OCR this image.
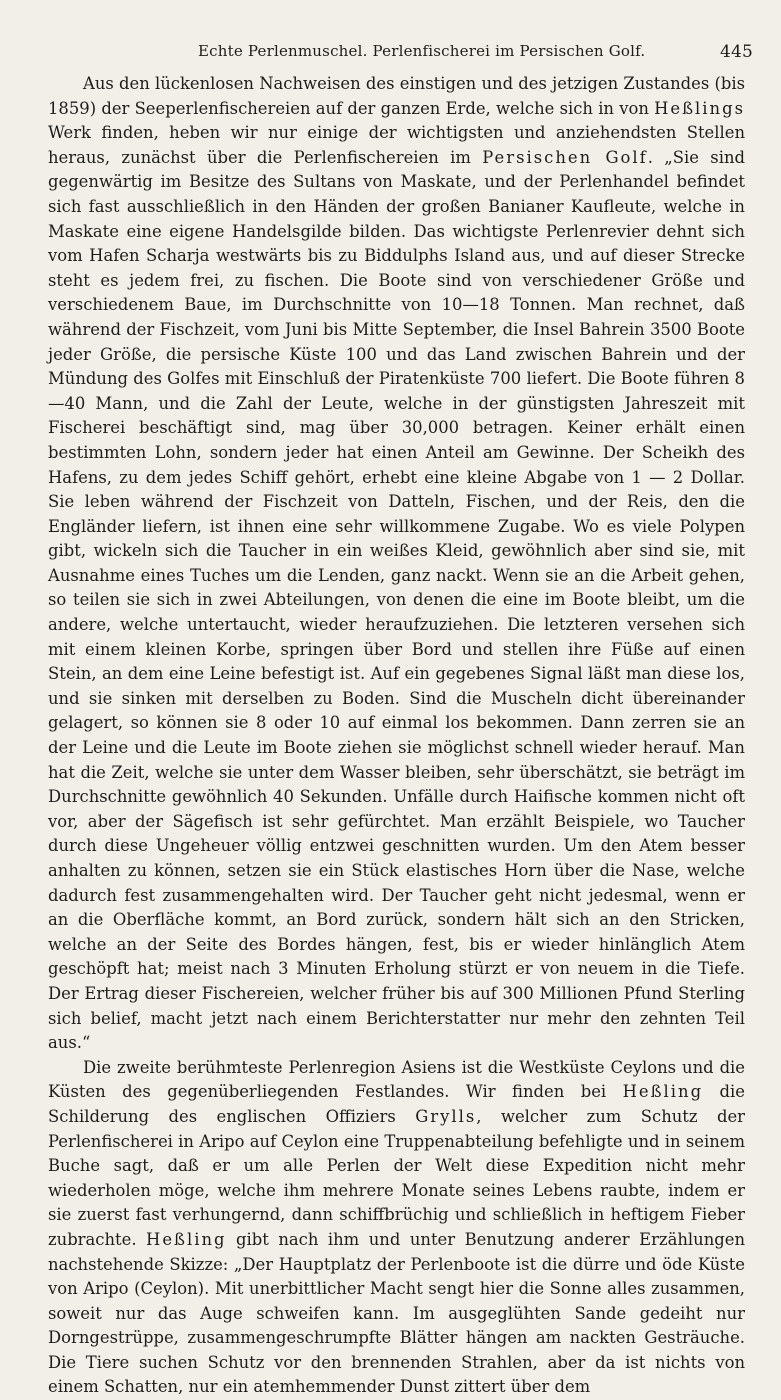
Echte Perlenmuschel. Perlenfischerei im Persischen Golf.	445

Aus den lückenlosen Nachweisen des einstigen und des jetzigen Zustandes (bis 1859) der Seeperlenfischereien auf der ganzen Erde, welche sich in von Heßlings Werk finden, heben wir nur einige der wichtigsten und anziehendsten Stellen heraus, zunächst über die Perlenfischereien im Persischen Golf. „Sie sind gegenwärtig im Besitze des Sultans von Maskate, und der Perlenhandel befindet sich fast ausschließlich in den Händen der großen Banianer Kaufleute, welche in Maskate eine eigene Handelsgilde bilden. Das wichtigste Perlenrevier dehnt sich vom Hafen Scharja westwärts bis zu Biddulphs Island aus, und auf dieser Strecke steht es jedem frei, zu fischen. Die Boote sind von verschiedener Größe und verschiedenem Baue, im Durchschnitte von 10—18 Tonnen. Man rechnet, daß während der Fischzeit, vom Juni bis Mitte September, die Insel Bahrein 3500 Boote jeder Größe, die persische Küste 100 und das Land zwischen Bahrein und der Mündung des Golfes mit Einschluß der Piratenküste 700 liefert. Die Boote führen 8—40 Mann, und die Zahl der Leute, welche in der günstigsten Jahreszeit mit Fischerei beschäftigt sind, mag über 30,000 betragen. Keiner erhält einen bestimmten Lohn, sondern jeder hat einen Anteil am Gewinne. Der Scheikh des Hafens, zu dem jedes Schiff gehört, erhebt eine kleine Abgabe von 1 — 2 Dollar. Sie leben während der Fischzeit von Datteln, Fischen, und der Reis, den die Engländer liefern, ist ihnen eine sehr willkommene Zugabe. Wo es viele Polypen gibt, wickeln sich die Taucher in ein weißes Kleid, gewöhnlich aber sind sie, mit Ausnahme eines Tuches um die Lenden, ganz nackt. Wenn sie an die Arbeit gehen, so teilen sie sich in zwei Abteilungen, von denen die eine im Boote bleibt, um die andere, welche untertaucht, wieder heraufzuziehen. Die letzteren versehen sich mit einem kleinen Korbe, springen über Bord und stellen ihre Füße auf einen Stein, an dem eine Leine befestigt ist. Auf ein gegebenes Signal läßt man diese los, und sie sinken mit derselben zu Boden. Sind die Muscheln dicht übereinander gelagert, so können sie 8 oder 10 auf einmal los bekommen. Dann zerren sie an der Leine und die Leute im Boote ziehen sie möglichst schnell wieder herauf. Man hat die Zeit, welche sie unter dem Wasser bleiben, sehr überschätzt, sie beträgt im Durchschnitte gewöhnlich 40 Sekunden. Unfälle durch Haifische kommen nicht oft vor, aber der Sägefisch ist sehr gefürchtet. Man erzählt Beispiele, wo Taucher durch diese Ungeheuer völlig entzwei geschnitten wurden. Um den Atem besser anhalten zu können, setzen sie ein Stück elastisches Horn über die Nase, welche dadurch fest zusammengehalten wird. Der Taucher geht nicht jedesmal, wenn er an die Oberfläche kommt, an Bord zurück, sondern hält sich an den Stricken, welche an der Seite des Bordes hängen, fest, bis er wieder hinlänglich Atem geschöpft hat; meist nach 3 Minuten Erholung stürzt er von neuem in die Tiefe. Der Ertrag dieser Fischereien, welcher früher bis auf 300 Millionen Pfund Sterling sich belief, macht jetzt nach einem Berichterstatter nur mehr den zehnten Teil aus.“

Die zweite berühmteste Perlenregion Asiens ist die Westküste Ceylons und die Küsten des gegenüberliegenden Festlandes. Wir finden bei Heßling die Schilderung des englischen Offiziers Grylls, welcher zum Schutz der Perlenfischerei in Aripo auf Ceylon eine Truppenabteilung befehligte und in seinem Buche sagt, daß er um alle Perlen der Welt diese Expedition nicht mehr wiederholen möge, welche ihm mehrere Monate seines Lebens raubte, indem er sie zuerst fast verhungernd, dann schiffbrüchig und schließlich in heftigem Fieber zubrachte. Heßling gibt nach ihm und unter Benutzung anderer Erzählungen nachstehende Skizze: „Der Hauptplatz der Perlenboote ist die dürre und öde Küste von Aripo (Ceylon). Mit unerbittlicher Macht sengt hier die Sonne alles zusammen, soweit nur das Auge schweifen kann. Im ausgeglühten Sande gedeiht nur Dorngestrüppe, zusammengeschrumpfte Blätter hängen am nackten Gesträuche. Die Tiere suchen Schutz vor den brennenden Strahlen, aber da ist nichts von einem Schatten, nur ein atemhemmender Dunst zittert über dem
